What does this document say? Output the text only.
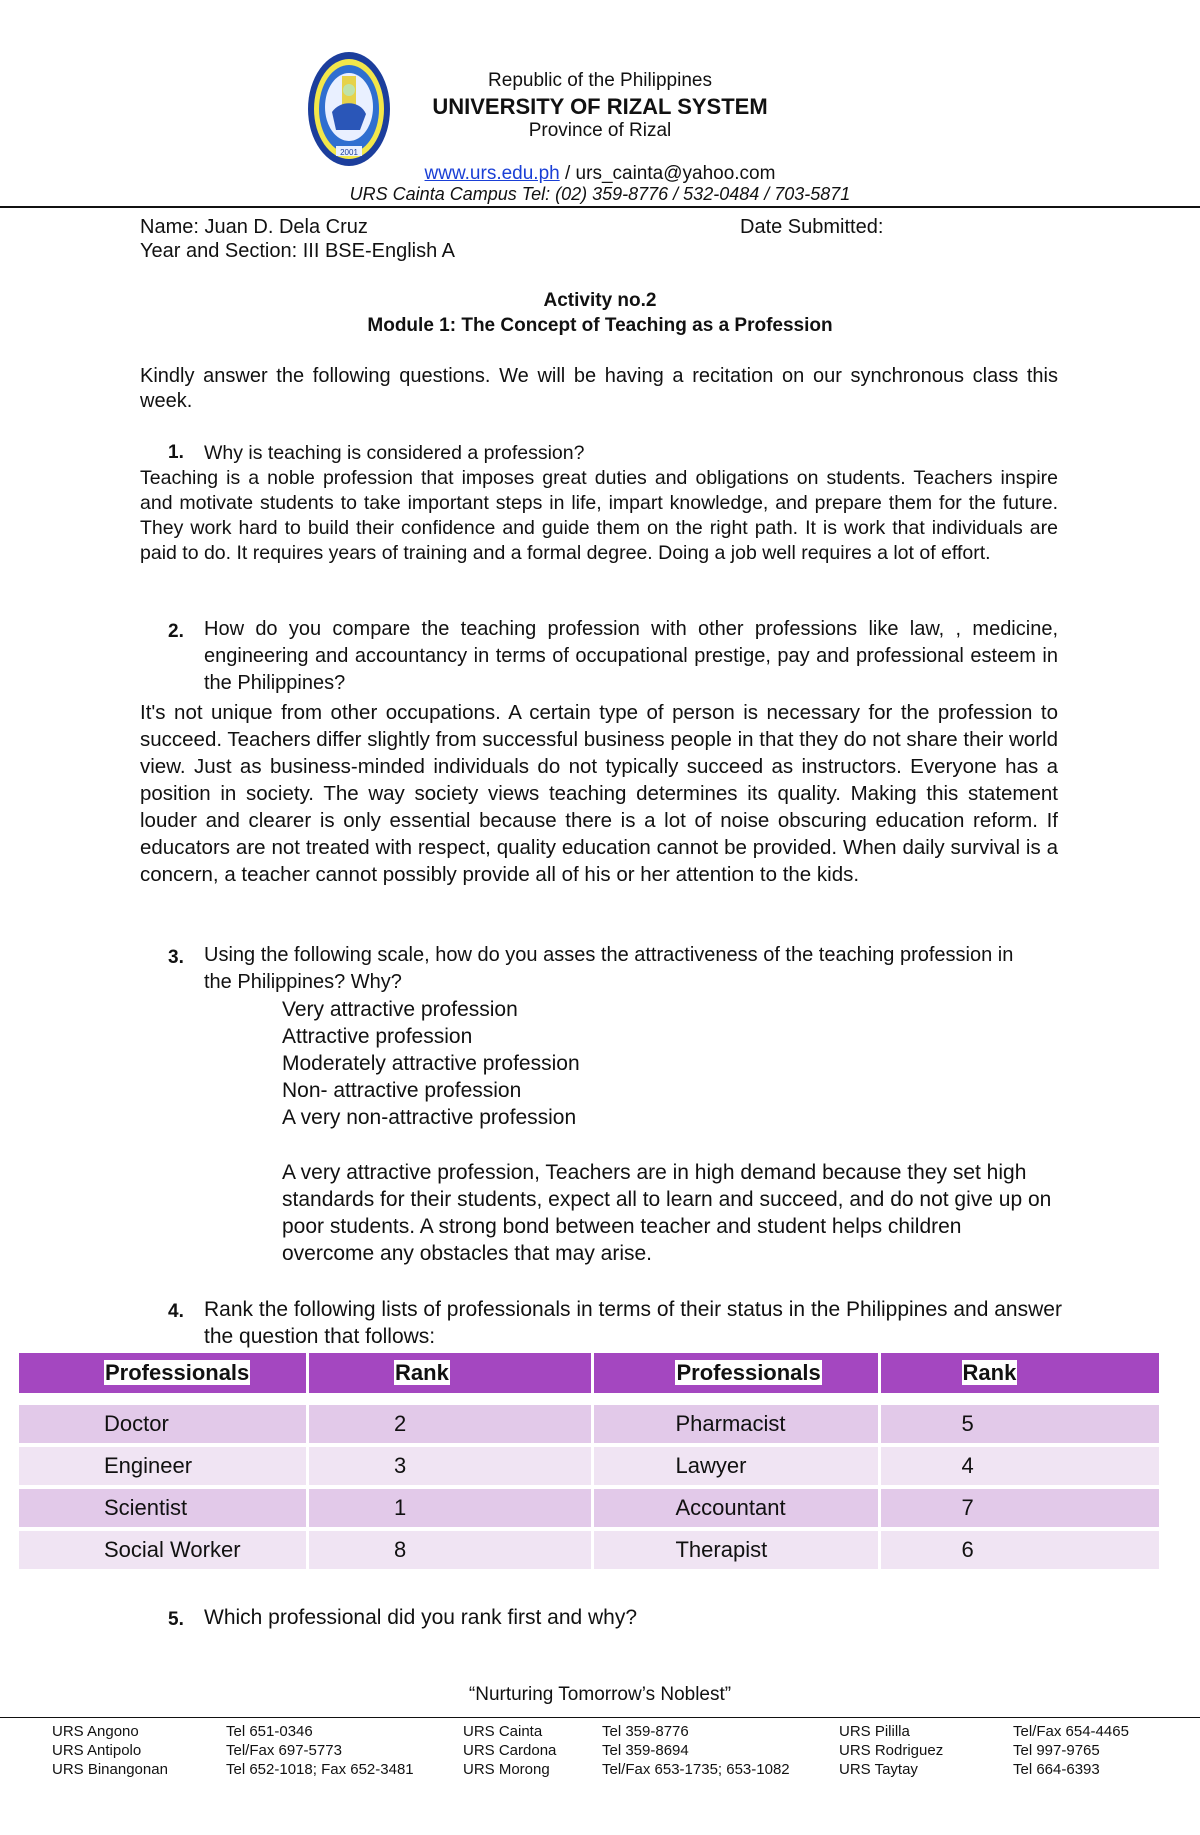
2001
Republic of the Philippines
UNIVERSITY OF RIZAL SYSTEM
Province of Rizal
www.urs.edu.ph / urs_cainta@yahoo.com
URS Cainta Campus Tel: (02) 359-8776 / 532-0484 / 703-5871
Name: Juan D. Dela Cruz	Date Submitted:
Year and Section: III BSE-English A
Activity no.2
Module 1: The Concept of Teaching as a Profession
Kindly answer the following questions. We will be having a recitation on our synchronous class this week.
1. Why is teaching is considered a profession?
Teaching is a noble profession that imposes great duties and obligations on students. Teachers inspire and motivate students to take important steps in life, impart knowledge, and prepare them for the future. They work hard to build their confidence and guide them on the right path. It is work that individuals are paid to do. It requires years of training and a formal degree. Doing a job well requires a lot of effort.
2. How do you compare the teaching profession with other professions like law, , medicine, engineering and accountancy in terms of occupational prestige, pay and professional esteem in the Philippines?
It's not unique from other occupations. A certain type of person is necessary for the profession to succeed. Teachers differ slightly from successful business people in that they do not share their world view. Just as business-minded individuals do not typically succeed as instructors. Everyone has a position in society. The way society views teaching determines its quality. Making this statement louder and clearer is only essential because there is a lot of noise obscuring education reform. If educators are not treated with respect, quality education cannot be provided. When daily survival is a concern, a teacher cannot possibly provide all of his or her attention to the kids.
3. Using the following scale, how do you asses the attractiveness of the teaching profession in the Philippines? Why?
Very attractive profession
Attractive profession
Moderately attractive profession
Non- attractive profession
A very non-attractive profession
A very attractive profession, Teachers are in high demand because they set high standards for their students, expect all to learn and succeed, and do not give up on poor students. A strong bond between teacher and student helps children overcome any obstacles that may arise.
4. Rank the following lists of professionals in terms of their status in the Philippines and answer the question that follows:
Professionals	Rank	Professionals	Rank

Doctor	2	Pharmacist	5
Engineer	3	Lawyer	4
Scientist	1	Accountant	7
Social Worker	8	Therapist	6
5. Which professional did you rank first and why?
“Nurturing Tomorrow’s Noblest”
URS Angono	Tel 651-0346	URS Cainta	Tel 359-8776	URS Pililla	Tel/Fax 654-4465
URS Antipolo	Tel/Fax 697-5773	URS Cardona	Tel 359-8694	URS Rodriguez	Tel 997-9765
URS Binangonan	Tel 652-1018; Fax 652-3481	URS Morong	Tel/Fax 653-1735; 653-1082	URS Taytay	Tel 664-6393
